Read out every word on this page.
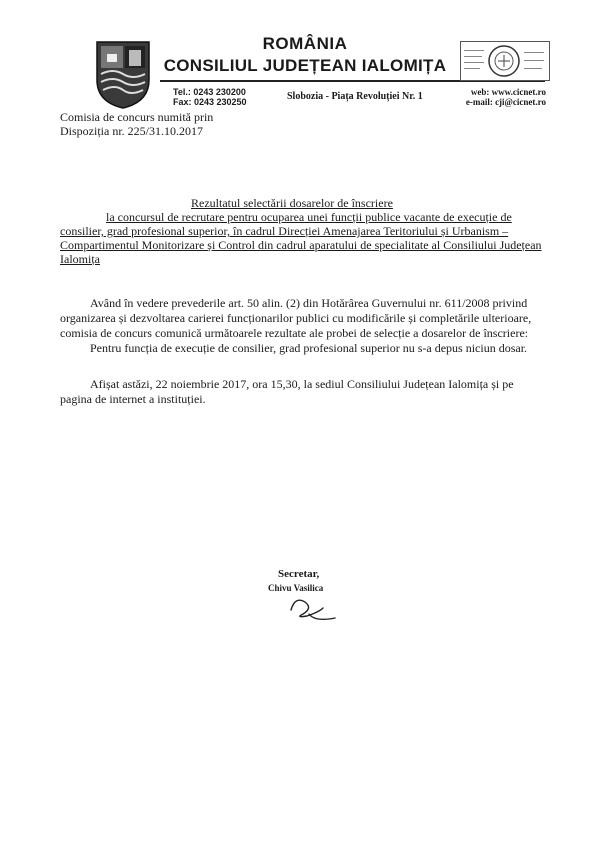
ROMÂNIA
CONSILIUL JUDEȚEAN IALOMIȚA
Tel.: 0243 230200
Fax: 0243 230250	Slobozia - Piața Revoluției Nr. 1	web: www.cicnet.ro
e-mail: cji@cicnet.ro
Comisia de concurs numită prin
Dispoziția nr. 225/31.10.2017
Rezultatul selectării dosarelor de înscriere
la concursul de recrutare pentru ocuparea unei funcții publice vacante de execuție de
consilier, grad profesional superior, în cadrul Direcției Amenajarea Teritoriului și Urbanism –
Compartimentul Monitorizare și Control din cadrul aparatului de specialitate al Consiliului Județean
Ialomița
Având în vedere prevederile art. 50 alin. (2) din Hotărârea Guvernului nr. 611/2008 privind
organizarea și dezvoltarea carierei funcționarilor publici cu modificările și completările ulterioare,
comisia de concurs comunică următoarele rezultate ale probei de selecție a dosarelor de înscriere:
Pentru funcția de execuție de consilier, grad profesional superior nu s-a depus niciun dosar.
Afișat astăzi, 22 noiembrie 2017, ora 15,30, la sediul Consiliului Județean Ialomița și pe
pagina de internet a instituției.
Secretar,
Chivu Vasilica
